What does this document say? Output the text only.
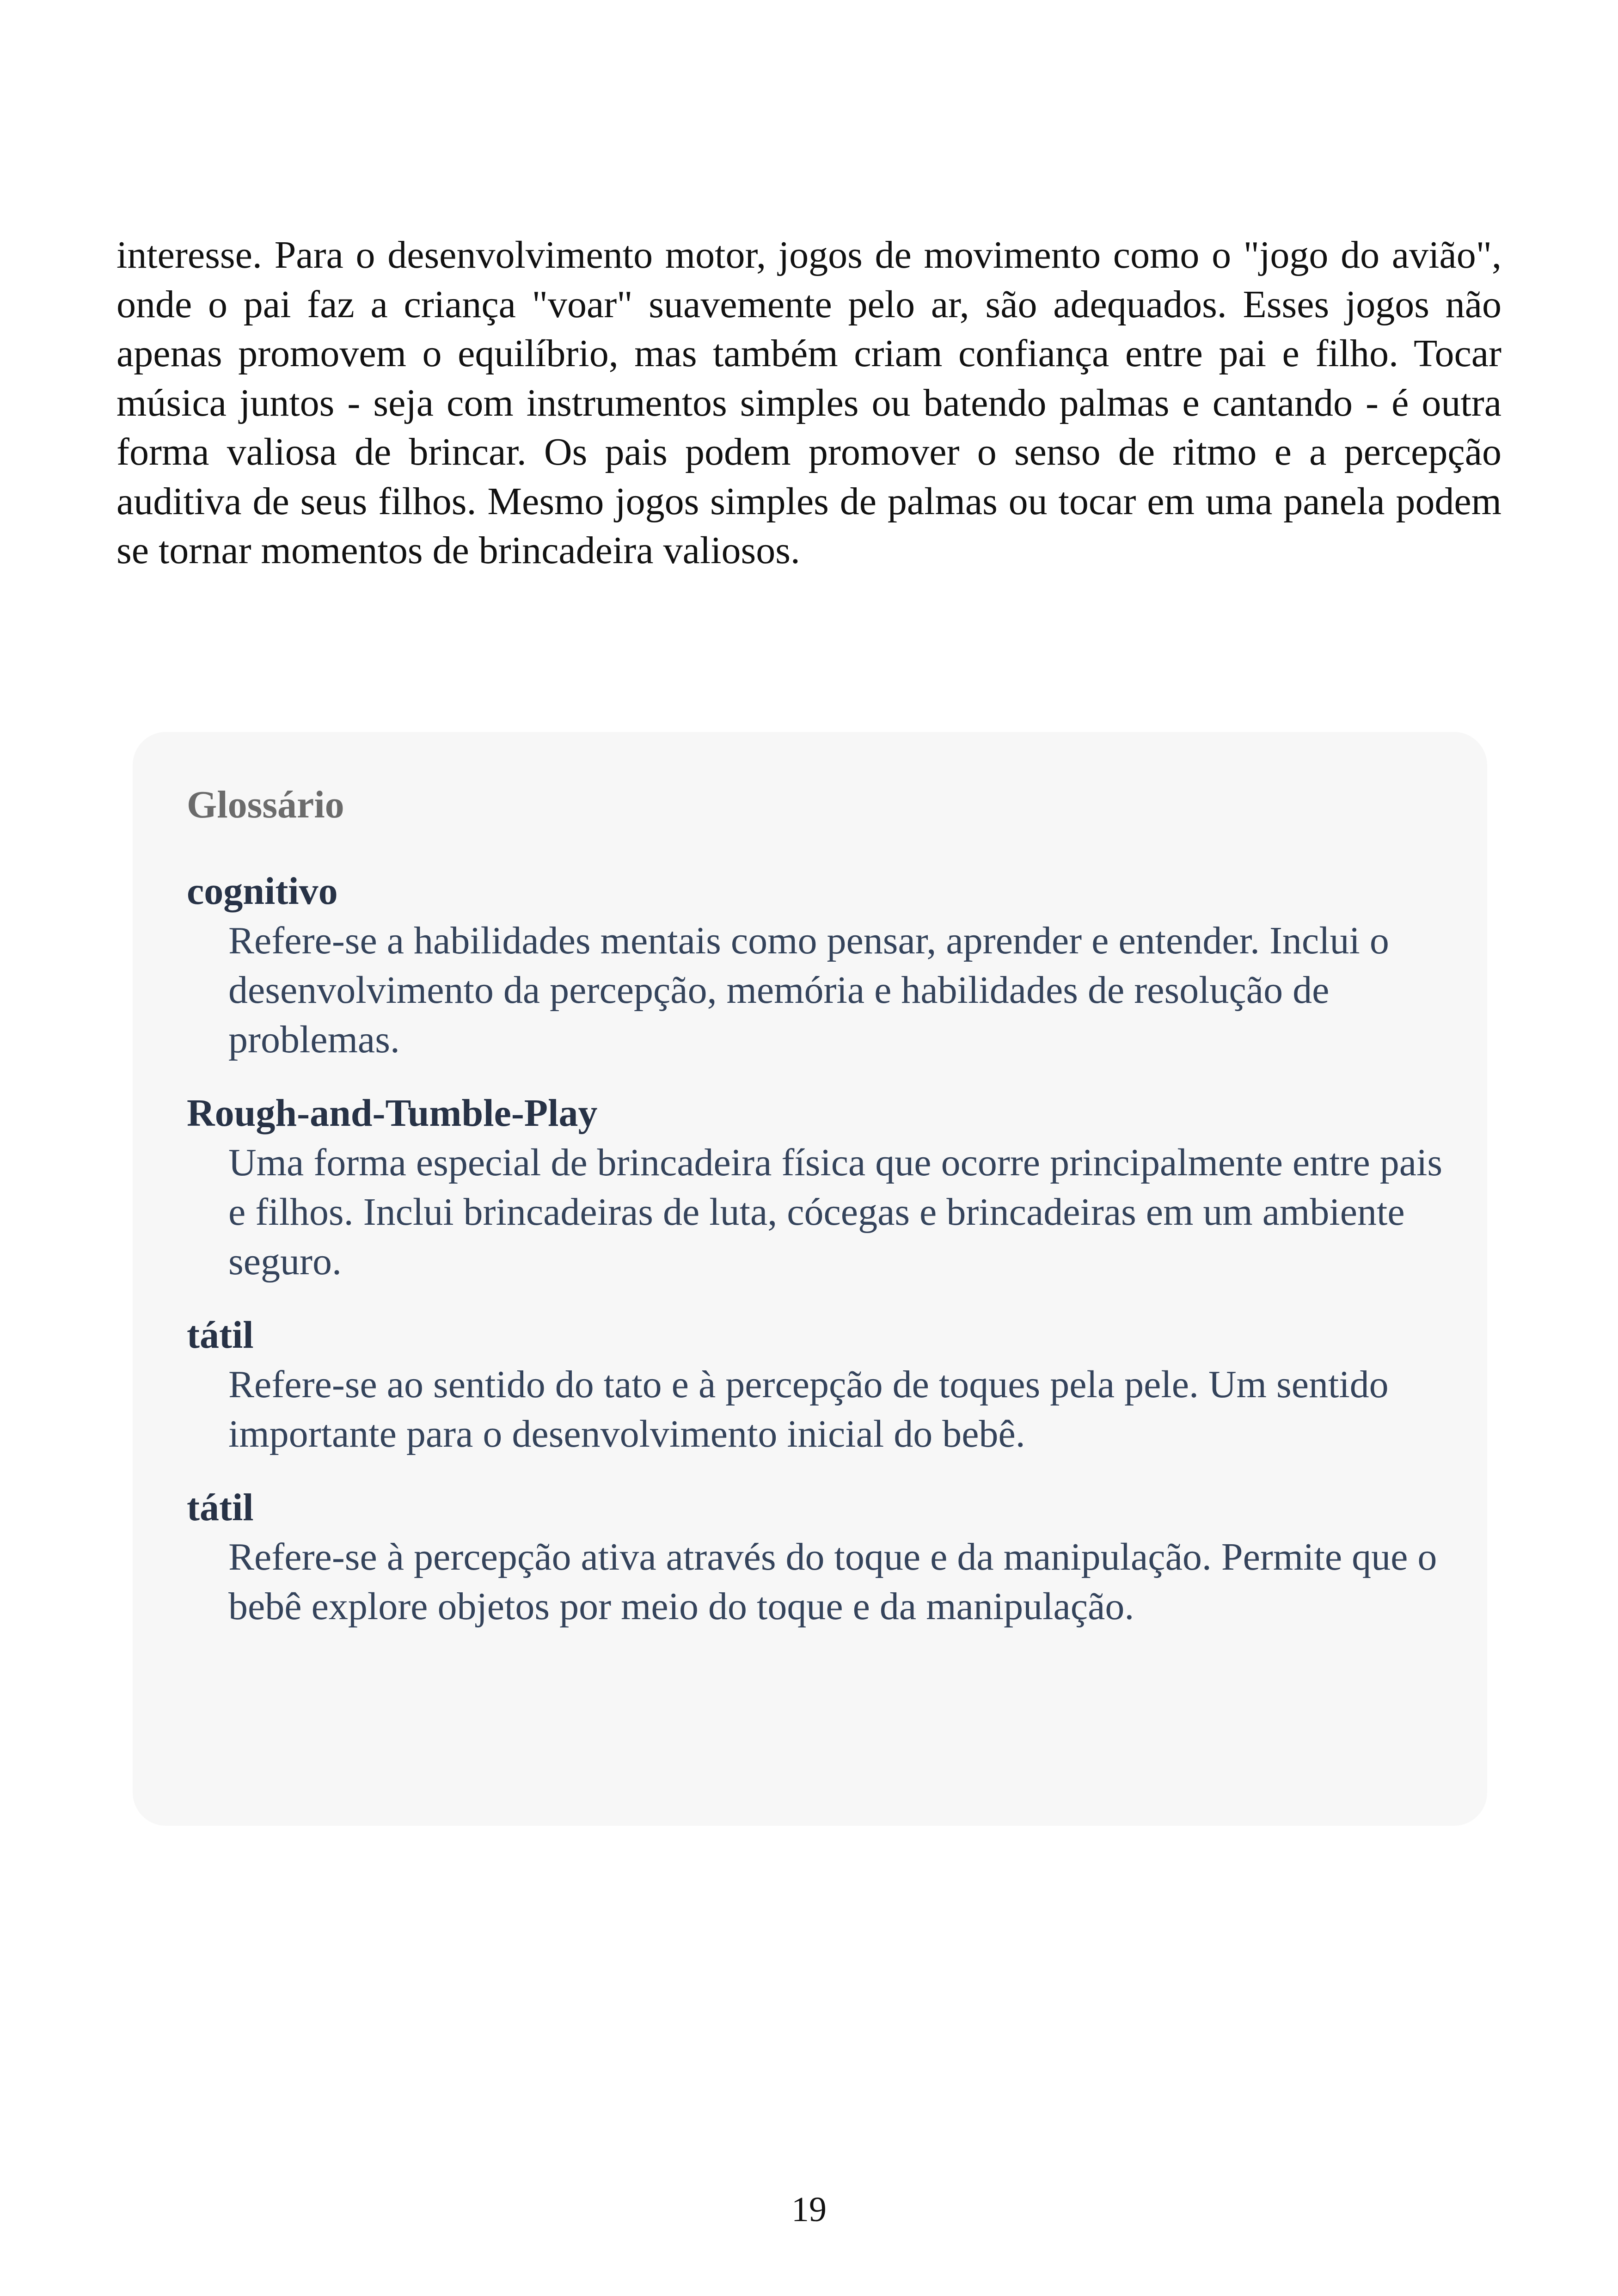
interesse. Para o desenvolvimento motor, jogos de movimento como o "jogo do avião", onde o pai faz a criança "voar" suavemente pelo ar, são adequados. Esses jogos não apenas promovem o equilíbrio, mas também criam confiança entre pai e filho. Tocar música juntos - seja com instrumentos simples ou batendo palmas e cantando - é outra forma valiosa de brincar. Os pais podem promover o senso de ritmo e a percepção auditiva de seus filhos. Mesmo jogos simples de palmas ou tocar em uma panela podem se tornar momentos de brincadeira valiosos.

Glossário
cognitivo
Refere-se a habilidades mentais como pensar, aprender e entender. Inclui o desenvolvimento da percepção, memória e habilidades de resolução de problemas.
Rough-and-Tumble-Play
Uma forma especial de brincadeira física que ocorre principalmente entre pais e filhos. Inclui brincadeiras de luta, cócegas e brincadeiras em um ambiente seguro.
tátil
Refere-se ao sentido do tato e à percepção de toques pela pele. Um sentido importante para o desenvolvimento inicial do bebê.
tátil
Refere-se à percepção ativa através do toque e da manipulação. Permite que o bebê explore objetos por meio do toque e da manipulação.
19
